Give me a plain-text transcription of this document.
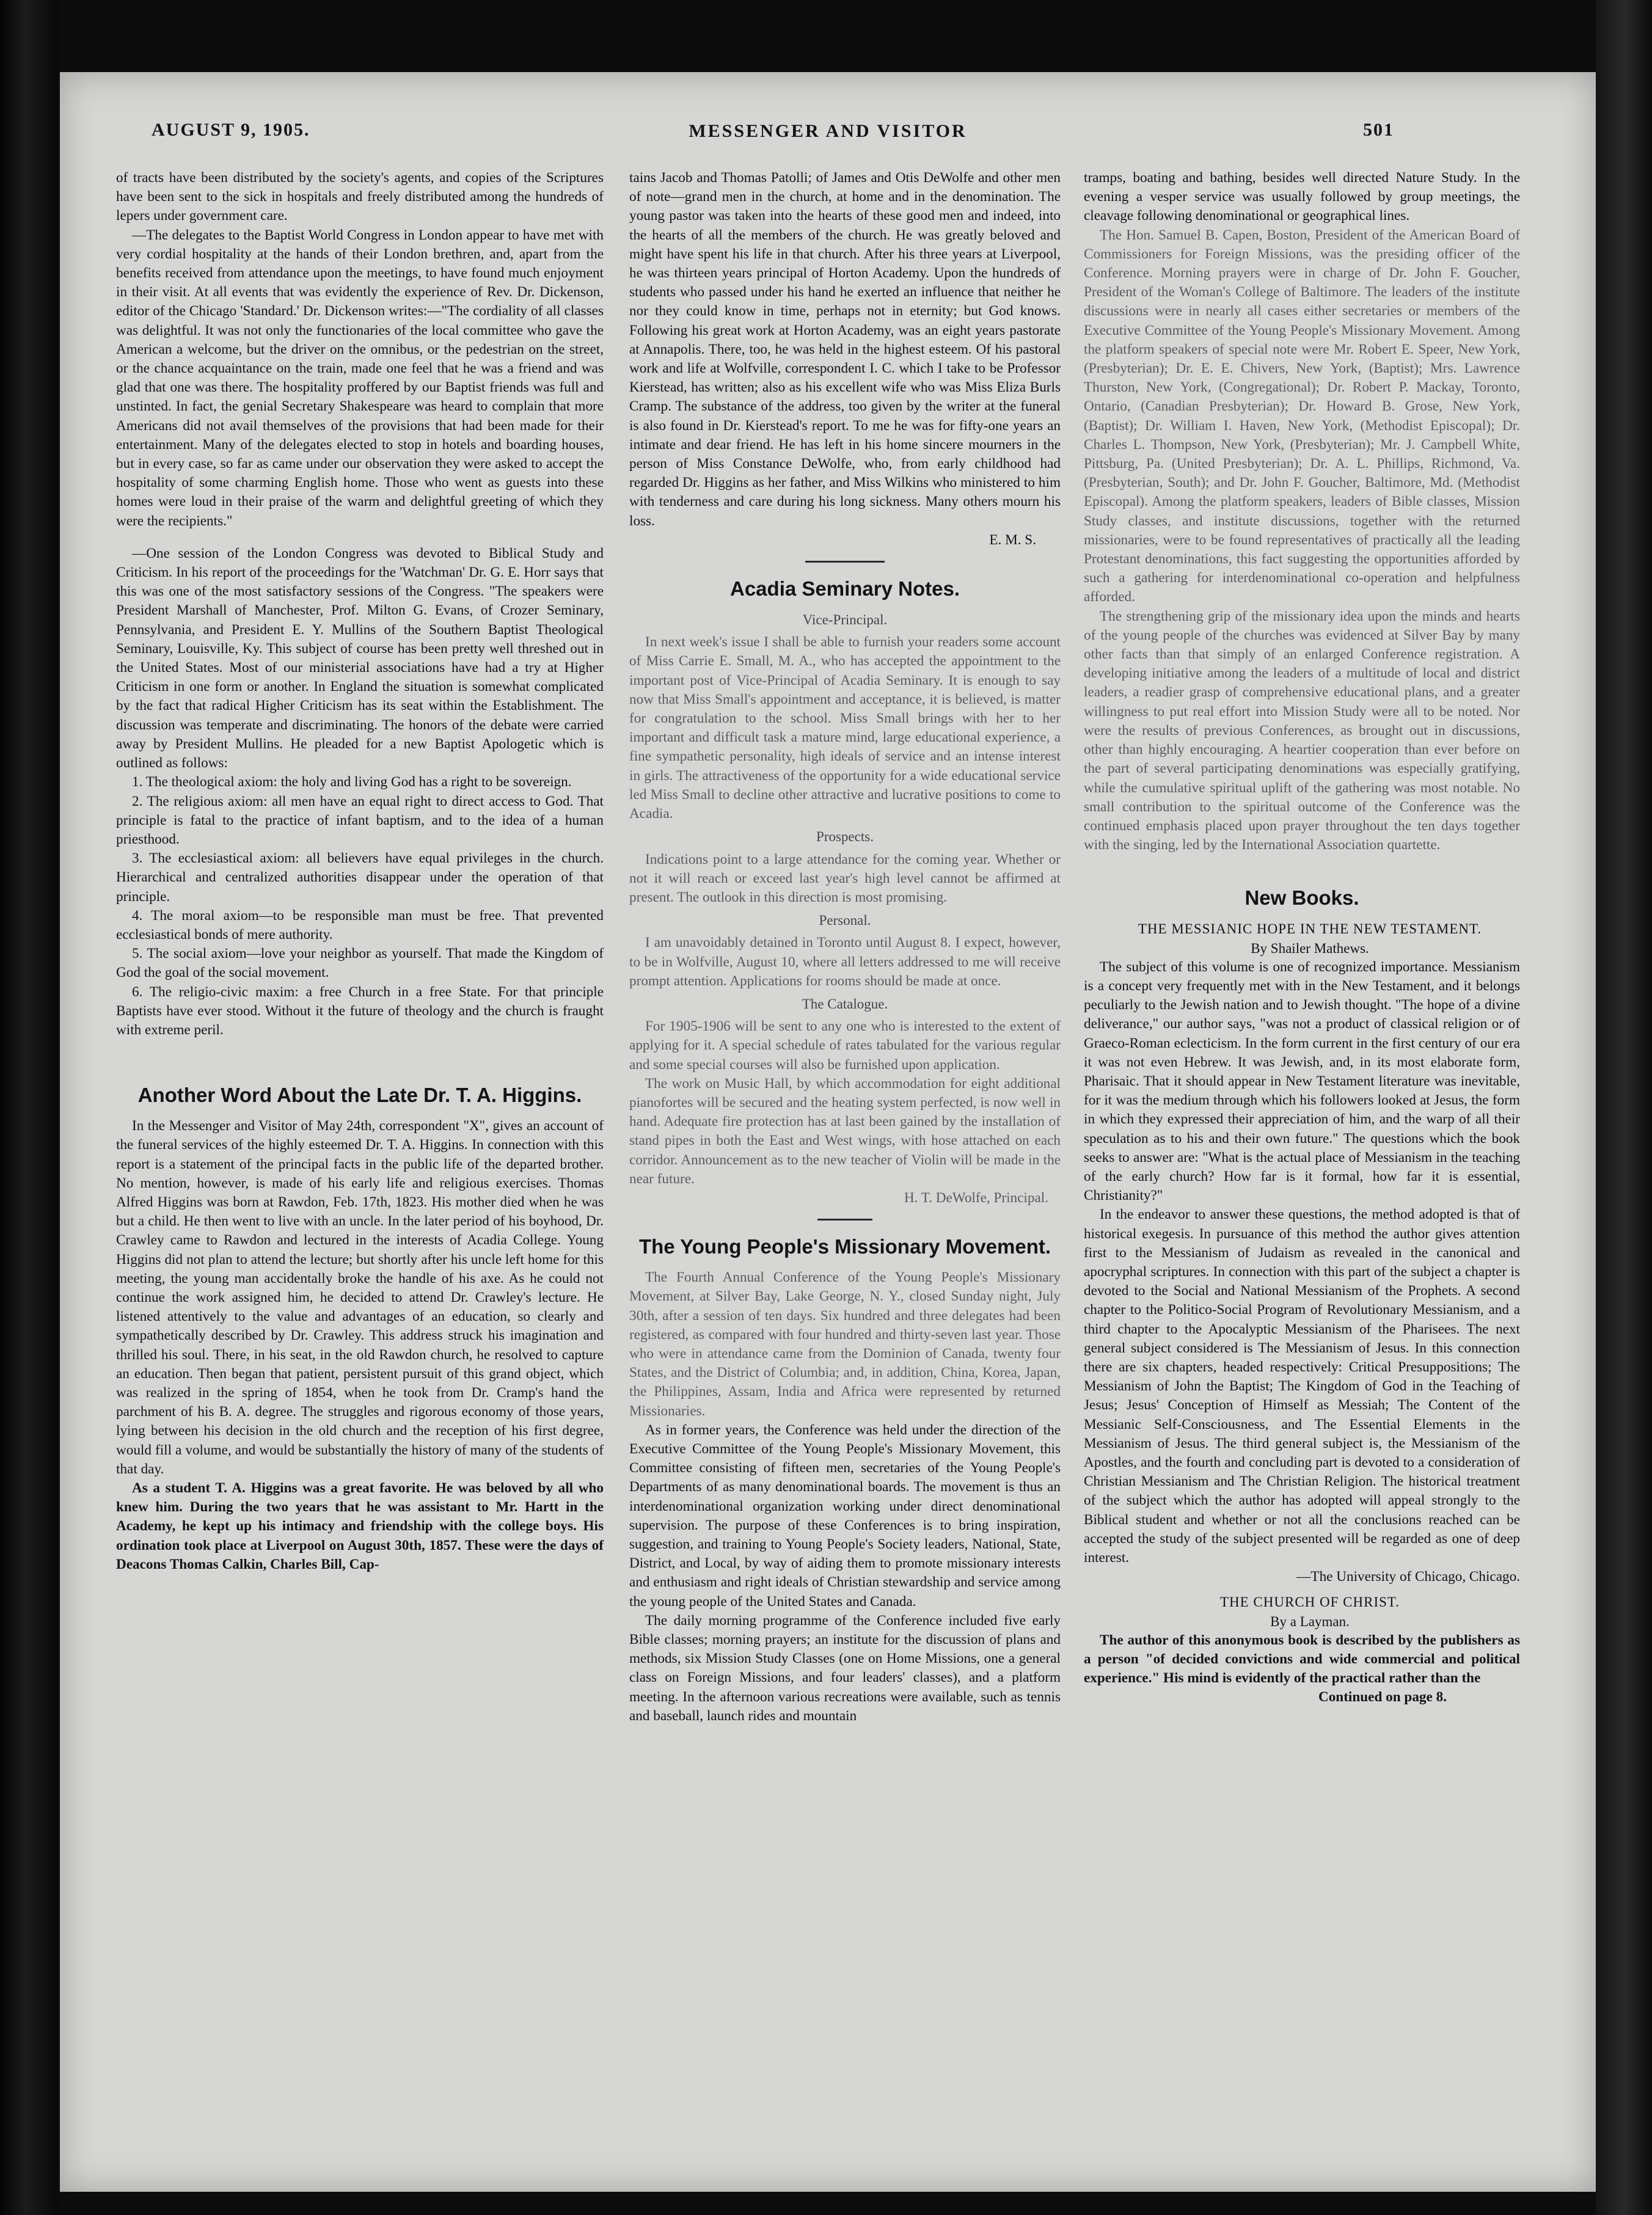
AUGUST 9, 1905.	MESSENGER AND VISITOR	501

of tracts have been distributed by the society's agents, and copies of the Scriptures have been sent to the sick in hospitals and freely distributed among the hundreds of lepers under government care.

—The delegates to the Baptist World Congress in London appear to have met with very cordial hospitality at the hands of their London brethren, and, apart from the benefits received from attendance upon the meetings, to have found much enjoyment in their visit. At all events that was evidently the experience of Rev. Dr. Dickenson, editor of the Chicago 'Standard.' Dr. Dickenson writes:—"The cordiality of all classes was delightful. It was not only the functionaries of the local committee who gave the American a welcome, but the driver on the omnibus, or the pedestrian on the street, or the chance acquaintance on the train, made one feel that he was a friend and was glad that one was there. The hospitality proffered by our Baptist friends was full and unstinted. In fact, the genial Secretary Shakespeare was heard to complain that more Americans did not avail themselves of the provisions that had been made for their entertainment. Many of the delegates elected to stop in hotels and boarding houses, but in every case, so far as came under our observation they were asked to accept the hospitality of some charming English home. Those who went as guests into these homes were loud in their praise of the warm and delightful greeting of which they were the recipients."

—One session of the London Congress was devoted to Biblical Study and Criticism. In his report of the proceedings for the 'Watchman' Dr. G. E. Horr says that this was one of the most satisfactory sessions of the Congress. "The speakers were President Marshall of Manchester, Prof. Milton G. Evans, of Crozer Seminary, Pennsylvania, and President E. Y. Mullins of the Southern Baptist Theological Seminary, Louisville, Ky. This subject of course has been pretty well threshed out in the United States. Most of our ministerial associations have had a try at Higher Criticism in one form or another. In England the situation is somewhat complicated by the fact that radical Higher Criticism has its seat within the Establishment. The discussion was temperate and discriminating. The honors of the debate were carried away by President Mullins. He pleaded for a new Baptist Apologetic which is outlined as follows:

1. The theological axiom: the holy and living God has a right to be sovereign.

2. The religious axiom: all men have an equal right to direct access to God. That principle is fatal to the practice of infant baptism, and to the idea of a human priesthood.

3. The ecclesiastical axiom: all believers have equal privileges in the church. Hierarchical and centralized authorities disappear under the operation of that principle.

4. The moral axiom—to be responsible man must be free. That prevented ecclesiastical bonds of mere authority.

5. The social axiom—love your neighbor as yourself. That made the Kingdom of God the goal of the social movement.

6. The religio-civic maxim: a free Church in a free State. For that principle Baptists have ever stood. Without it the future of theology and the church is fraught with extreme peril.

Another Word About the Late Dr. T. A. Higgins.

In the Messenger and Visitor of May 24th, correspondent "X", gives an account of the funeral services of the highly esteemed Dr. T. A. Higgins. In connection with this report is a statement of the principal facts in the public life of the departed brother. No mention, however, is made of his early life and religious exercises. Thomas Alfred Higgins was born at Rawdon, Feb. 17th, 1823. His mother died when he was but a child. He then went to live with an uncle. In the later period of his boyhood, Dr. Crawley came to Rawdon and lectured in the interests of Acadia College. Young Higgins did not plan to attend the lecture; but shortly after his uncle left home for this meeting, the young man accidentally broke the handle of his axe. As he could not continue the work assigned him, he decided to attend Dr. Crawley's lecture. He listened attentively to the value and advantages of an education, so clearly and sympathetically described by Dr. Crawley. This address struck his imagination and thrilled his soul. There, in his seat, in the old Rawdon church, he resolved to capture an education. Then began that patient, persistent pursuit of this grand object, which was realized in the spring of 1854, when he took from Dr. Cramp's hand the parchment of his B. A. degree. The struggles and rigorous economy of those years, lying between his decision in the old church and the reception of his first degree, would fill a volume, and would be substantially the history of many of the students of that day.

As a student T. A. Higgins was a great favorite. He was beloved by all who knew him. During the two years that he was assistant to Mr. Hartt in the Academy, he kept up his intimacy and friendship with the college boys. His ordination took place at Liverpool on August 30th, 1857. These were the days of Deacons Thomas Calkin, Charles Bill, Cap-

tains Jacob and Thomas Patolli; of James and Otis DeWolfe and other men of note—grand men in the church, at home and in the denomination. The young pastor was taken into the hearts of these good men and indeed, into the hearts of all the members of the church. He was greatly beloved and might have spent his life in that church. After his three years at Liverpool, he was thirteen years principal of Horton Academy. Upon the hundreds of students who passed under his hand he exerted an influence that neither he nor they could know in time, perhaps not in eternity; but God knows. Following his great work at Horton Academy, was an eight years pastorate at Annapolis. There, too, he was held in the highest esteem. Of his pastoral work and life at Wolfville, correspondent I. C. which I take to be Professor Kierstead, has written; also as his excellent wife who was Miss Eliza Burls Cramp. The substance of the address, too given by the writer at the funeral is also found in Dr. Kierstead's report. To me he was for fifty-one years an intimate and dear friend. He has left in his home sincere mourners in the person of Miss Constance DeWolfe, who, from early childhood had regarded Dr. Higgins as her father, and Miss Wilkins who ministered to him with tenderness and care during his long sickness. Many others mourn his loss.

E. M. S.

Acadia Seminary Notes.

Vice-Principal.

In next week's issue I shall be able to furnish your readers some account of Miss Carrie E. Small, M. A., who has accepted the appointment to the important post of Vice-Principal of Acadia Seminary. It is enough to say now that Miss Small's appointment and acceptance, it is believed, is matter for congratulation to the school. Miss Small brings with her to her important and difficult task a mature mind, large educational experience, a fine sympathetic personality, high ideals of service and an intense interest in girls. The attractiveness of the opportunity for a wide educational service led Miss Small to decline other attractive and lucrative positions to come to Acadia.

Prospects.

Indications point to a large attendance for the coming year. Whether or not it will reach or exceed last year's high level cannot be affirmed at present. The outlook in this direction is most promising.

Personal.

I am unavoidably detained in Toronto until August 8. I expect, however, to be in Wolfville, August 10, where all letters addressed to me will receive prompt attention. Applications for rooms should be made at once.

The Catalogue.

For 1905-1906 will be sent to any one who is interested to the extent of applying for it. A special schedule of rates tabulated for the various regular and some special courses will also be furnished upon application.

The work on Music Hall, by which accommodation for eight additional pianofortes will be secured and the heating system perfected, is now well in hand. Adequate fire protection has at last been gained by the installation of stand pipes in both the East and West wings, with hose attached on each corridor. Announcement as to the new teacher of Violin will be made in the near future.

H. T. DeWolfe, Principal.

The Young People's Missionary Movement.

The Fourth Annual Conference of the Young People's Missionary Movement, at Silver Bay, Lake George, N. Y., closed Sunday night, July 30th, after a session of ten days. Six hundred and three delegates had been registered, as compared with four hundred and thirty-seven last year. Those who were in attendance came from the Dominion of Canada, twenty four States, and the District of Columbia; and, in addition, China, Korea, Japan, the Philippines, Assam, India and Africa were represented by returned Missionaries.

As in former years, the Conference was held under the direction of the Executive Committee of the Young People's Missionary Movement, this Committee consisting of fifteen men, secretaries of the Young People's Departments of as many denominational boards. The movement is thus an interdenominational organization working under direct denominational supervision. The purpose of these Conferences is to bring inspiration, suggestion, and training to Young People's Society leaders, National, State, District, and Local, by way of aiding them to promote missionary interests and enthusiasm and right ideals of Christian stewardship and service among the young people of the United States and Canada.

The daily morning programme of the Conference included five early Bible classes; morning prayers; an institute for the discussion of plans and methods, six Mission Study Classes (one on Home Missions, one a general class on Foreign Missions, and four leaders' classes), and a platform meeting. In the afternoon various recreations were available, such as tennis and baseball, launch rides and mountain

tramps, boating and bathing, besides well directed Nature Study. In the evening a vesper service was usually followed by group meetings, the cleavage following denominational or geographical lines.

The Hon. Samuel B. Capen, Boston, President of the American Board of Commissioners for Foreign Missions, was the presiding officer of the Conference. Morning prayers were in charge of Dr. John F. Goucher, President of the Woman's College of Baltimore. The leaders of the institute discussions were in nearly all cases either secretaries or members of the Executive Committee of the Young People's Missionary Movement. Among the platform speakers of special note were Mr. Robert E. Speer, New York, (Presbyterian); Dr. E. E. Chivers, New York, (Baptist); Mrs. Lawrence Thurston, New York, (Congregational); Dr. Robert P. Mackay, Toronto, Ontario, (Canadian Presbyterian); Dr. Howard B. Grose, New York, (Baptist); Dr. William I. Haven, New York, (Methodist Episcopal); Dr. Charles L. Thompson, New York, (Presbyterian); Mr. J. Campbell White, Pittsburg, Pa. (United Presbyterian); Dr. A. L. Phillips, Richmond, Va. (Presbyterian, South); and Dr. John F. Goucher, Baltimore, Md. (Methodist Episcopal). Among the platform speakers, leaders of Bible classes, Mission Study classes, and institute discussions, together with the returned missionaries, were to be found representatives of practically all the leading Protestant denominations, this fact suggesting the opportunities afforded by such a gathering for interdenominational co-operation and helpfulness afforded.

The strengthening grip of the missionary idea upon the minds and hearts of the young people of the churches was evidenced at Silver Bay by many other facts than that simply of an enlarged Conference registration. A developing initiative among the leaders of a multitude of local and district leaders, a readier grasp of comprehensive educational plans, and a greater willingness to put real effort into Mission Study were all to be noted. Nor were the results of previous Conferences, as brought out in discussions, other than highly encouraging. A heartier cooperation than ever before on the part of several participating denominations was especially gratifying, while the cumulative spiritual uplift of the gathering was most notable. No small contribution to the spiritual outcome of the Conference was the continued emphasis placed upon prayer throughout the ten days together with the singing, led by the International Association quartette.

New Books.

THE MESSIANIC HOPE IN THE NEW TESTAMENT.

By Shailer Mathews.

The subject of this volume is one of recognized importance. Messianism is a concept very frequently met with in the New Testament, and it belongs peculiarly to the Jewish nation and to Jewish thought. "The hope of a divine deliverance," our author says, "was not a product of classical religion or of Graeco-Roman eclecticism. In the form current in the first century of our era it was not even Hebrew. It was Jewish, and, in its most elaborate form, Pharisaic. That it should appear in New Testament literature was inevitable, for it was the medium through which his followers looked at Jesus, the form in which they expressed their appreciation of him, and the warp of all their speculation as to his and their own future." The questions which the book seeks to answer are: "What is the actual place of Messianism in the teaching of the early church? How far is it formal, how far it is essential, Christianity?"

In the endeavor to answer these questions, the method adopted is that of historical exegesis. In pursuance of this method the author gives attention first to the Messianism of Judaism as revealed in the canonical and apocryphal scriptures. In connection with this part of the subject a chapter is devoted to the Social and National Messianism of the Prophets. A second chapter to the Politico-Social Program of Revolutionary Messianism, and a third chapter to the Apocalyptic Messianism of the Pharisees. The next general subject considered is The Messianism of Jesus. In this connection there are six chapters, headed respectively: Critical Presuppositions; The Messianism of John the Baptist; The Kingdom of God in the Teaching of Jesus; Jesus' Conception of Himself as Messiah; The Content of the Messianic Self-Consciousness, and The Essential Elements in the Messianism of Jesus. The third general subject is, the Messianism of the Apostles, and the fourth and concluding part is devoted to a consideration of Christian Messianism and The Christian Religion. The historical treatment of the subject which the author has adopted will appeal strongly to the Biblical student and whether or not all the conclusions reached can be accepted the study of the subject presented will be regarded as one of deep interest.

—The University of Chicago, Chicago.

THE CHURCH OF CHRIST.

By a Layman.

The author of this anonymous book is described by the publishers as a person "of decided convictions and wide commercial and political experience." His mind is evidently of the practical rather than the

Continued on page 8.
